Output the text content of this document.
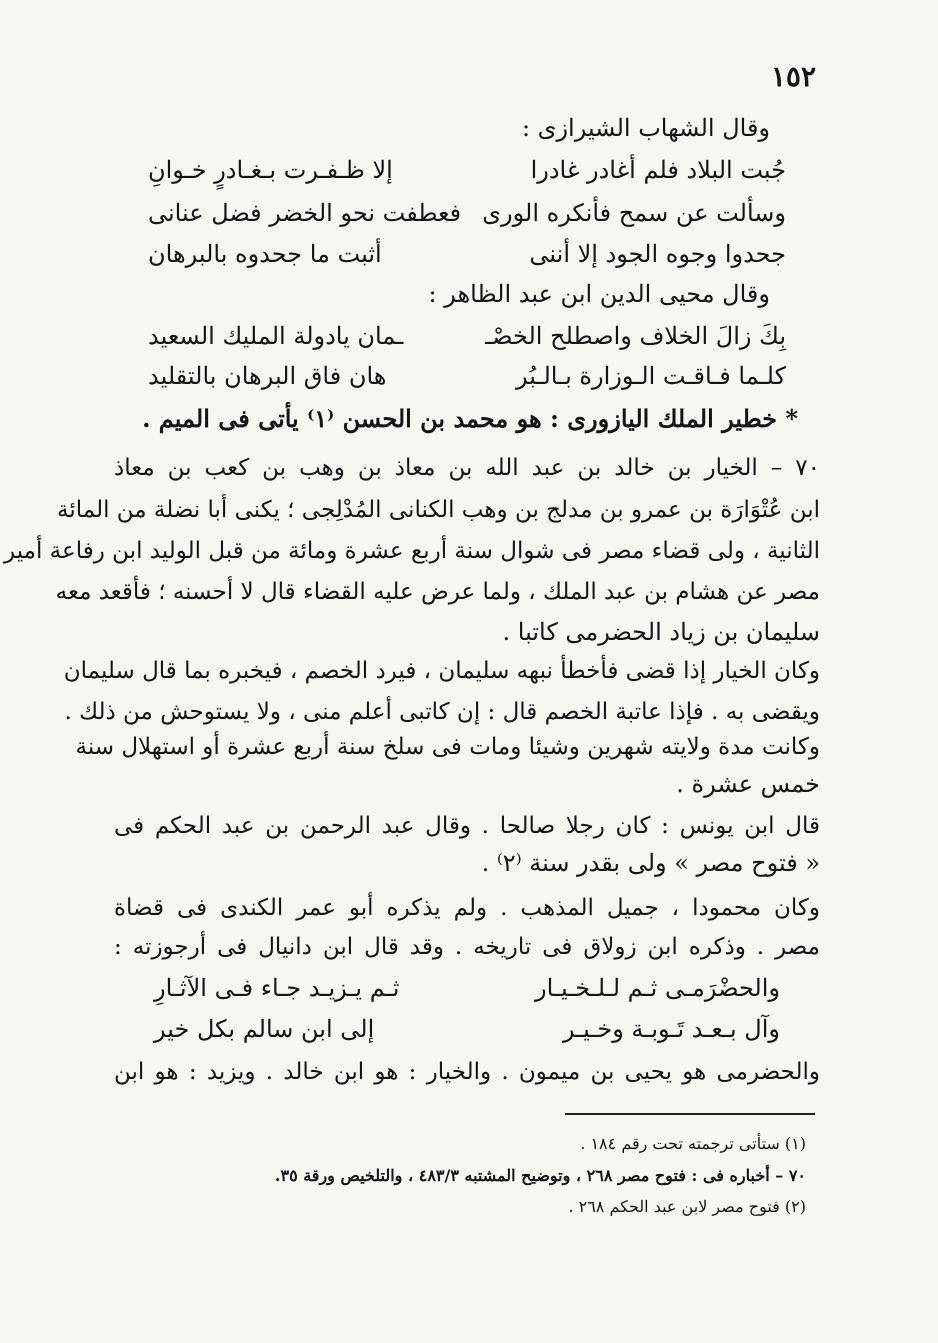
١٥٢
وقال الشهاب الشيرازى :
جُبت البلاد فلم أغادر غادرا
إلا ظـفـرت بـغـادرٍ خـوانِ
وسألت عن سمح فأنكره الورى
فعطفت نحو الخضر فضل عنانى
جحدوا وجوه الجود إلا أننى
أثبت ما جحدوه بالبرهان
وقال محيى الدين ابن عبد الظاهر :
بِكَ زالَ الخلاف واصطلح الخصْـ
ـمان يادولة المليك السعيد
كلـما فـاقـت الـوزارة بـالـبُر
هان فاق البرهان بالتقليد
* خطير الملك اليازورى : هو محمد بن الحسن ⁽١⁾ يأتى فى الميم .
٧٠ – الخيار بن خالد بن عبد الله بن معاذ بن وهب بن كعب بن معاذ
ابن عُتْوَارَة بن عمرو بن مدلج بن وهب الكنانى المُدْلِجى ؛ يكنى أبا نضلة من المائة
الثانية ، ولى قضاء مصر فى شوال سنة أربع عشرة ومائة من قبل الوليد ابن رفاعة أمير
مصر عن هشام بن عبد الملك ، ولما عرض عليه القضاء قال لا أحسنه ؛ فأقعد معه
سليمان بن زياد الحضرمى كاتبا .
وكان الخيار إذا قضى فأخطأ نبهه سليمان ، فيرد الخصم ، فيخبره بما قال سليمان
ويقضى به . فإذا عاتبة الخصم قال : إن كاتبى أعلم منى ، ولا يستوحش من ذلك .
وكانت مدة ولايته شهرين وشيئا ومات فى سلخ سنة أربع عشرة أو استهلال سنة
خمس عشرة .
قال ابن يونس : كان رجلا صالحا . وقال عبد الرحمن بن عبد الحكم فى
« فتوح مصر » ولى بقدر سنة ⁽٢⁾ .
وكان محمودا ، جميل المذهب . ولم يذكره أبو عمر الكندى فى قضاة
مصر . وذكره ابن زولاق فى تاريخه . وقد قال ابن دانيال فى أرجوزته :
والحضْرَمـى ثـم لـلـخـيـار
ثـم يـزيـد جـاء فـى الآثـارِ
وآل بـعـد تَـوبـة وخـيـر
إلى ابن سالم بكل خير
والحضرمى هو يحيى بن ميمون . والخيار : هو ابن خالد . ويزيد : هو ابن
(١) ستأتى ترجمته تحت رقم ١٨٤ .
٧٠ – أخباره فى : فتوح مصر ٢٦٨ ، وتوضيح المشتبه ٤٨٣/٣ ، والتلخيص ورقة ٣٥.
(٢) فتوح مصر لابن عبد الحكم ٢٦٨ .
